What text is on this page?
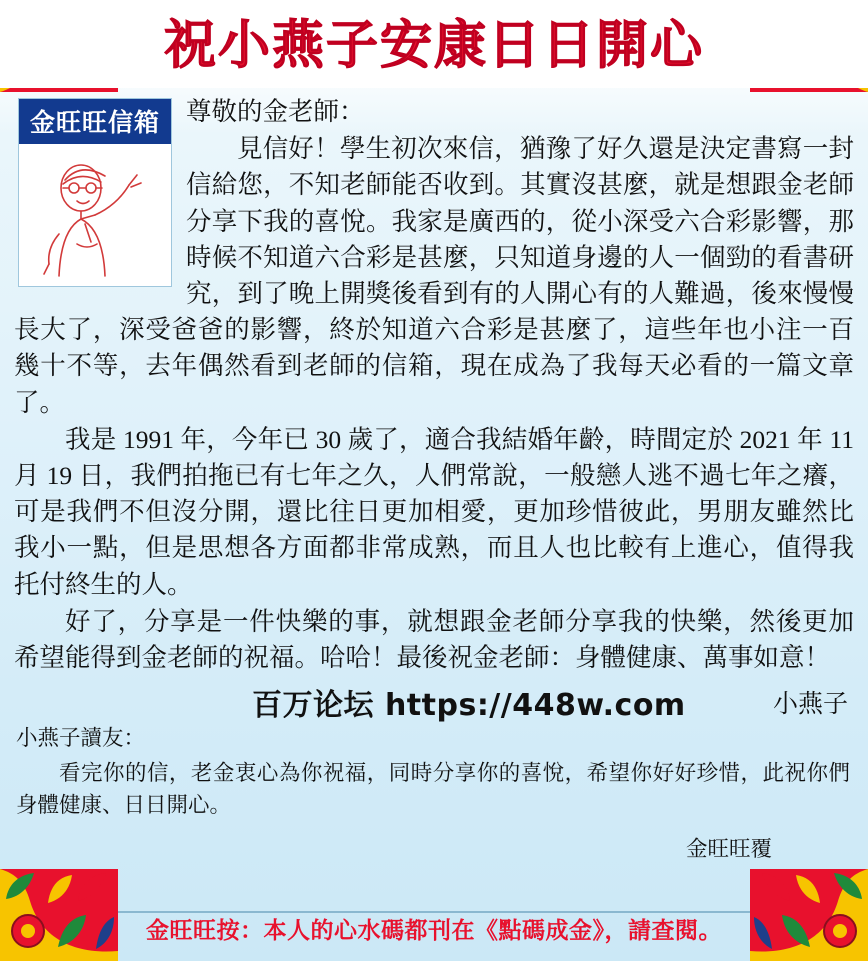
祝小燕子安康日日開心
金旺旺信箱	尊敬的金老師：

見信好！學生初次來信，猶豫了好久還是決定書寫一封信給您，不知老師能否收到。其實沒甚麼，就是想跟金老師分享下我的喜悅。我家是廣西的，從小深受六合彩影響，那時候不知道六合彩是甚麼，只知道身邊的人一個勁的看書研究，到了晚上開獎後看到有的人開心有的人難過，後來慢慢長大了，深受爸爸的影響，終於知道六合彩是甚麼了，這些年也小注一百幾十不等，去年偶然看到老師的信箱，現在成為了我每天必看的一篇文章了。

我是 1991 年，今年已 30 歲了，適合我結婚年齡，時間定於 2021 年 11 月 19 日，我們拍拖已有七年之久，人們常說，一般戀人逃不過七年之癢，可是我們不但沒分開，還比往日更加相愛，更加珍惜彼此，男朋友雖然比我小一點，但是思想各方面都非常成熟，而且人也比較有上進心，值得我托付終生的人。

好了，分享是一件快樂的事，就想跟金老師分享我的快樂，然後更加希望能得到金老師的祝福。哈哈！最後祝金老師：身體健康、萬事如意！

百万论坛 https://448w.com	小燕子

小燕子讀友：

看完你的信，老金衷心為你祝福，同時分享你的喜悅，希望你好好珍惜，此祝你們身體健康、日日開心。

金旺旺覆
金旺旺按：本人的心水碼都刊在《點碼成金》，請查閱。
